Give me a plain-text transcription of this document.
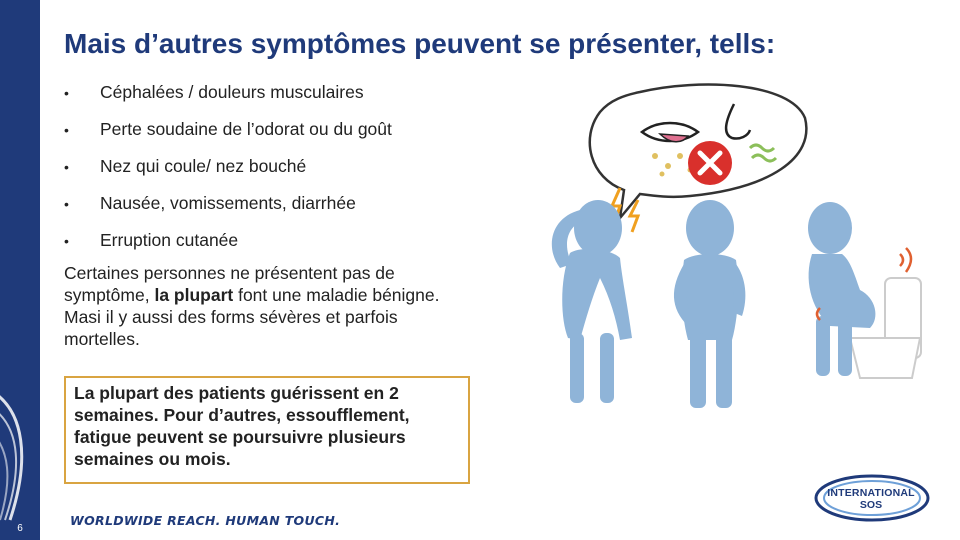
6
Mais d’autres symptômes peuvent se présenter, tells:
•	Céphalées / douleurs musculaires
•	Perte soudaine de l’odorat ou du goût
•	Nez qui coule/ nez bouché
•	Nausée, vomissements, diarrhée
•	Erruption cutanée

Certaines personnes ne présentent pas de symptôme, la plupart font une maladie bénigne. Masi il y aussi des forms sévères et parfois mortelles.

La plupart des patients guérissent en 2 semaines. Pour d’autres, essoufflement, fatigue peuvent se poursuivre plusieurs semaines ou mois.
WORLDWIDE REACH. HUMAN TOUCH.
INTERNATIONAL
SOS
